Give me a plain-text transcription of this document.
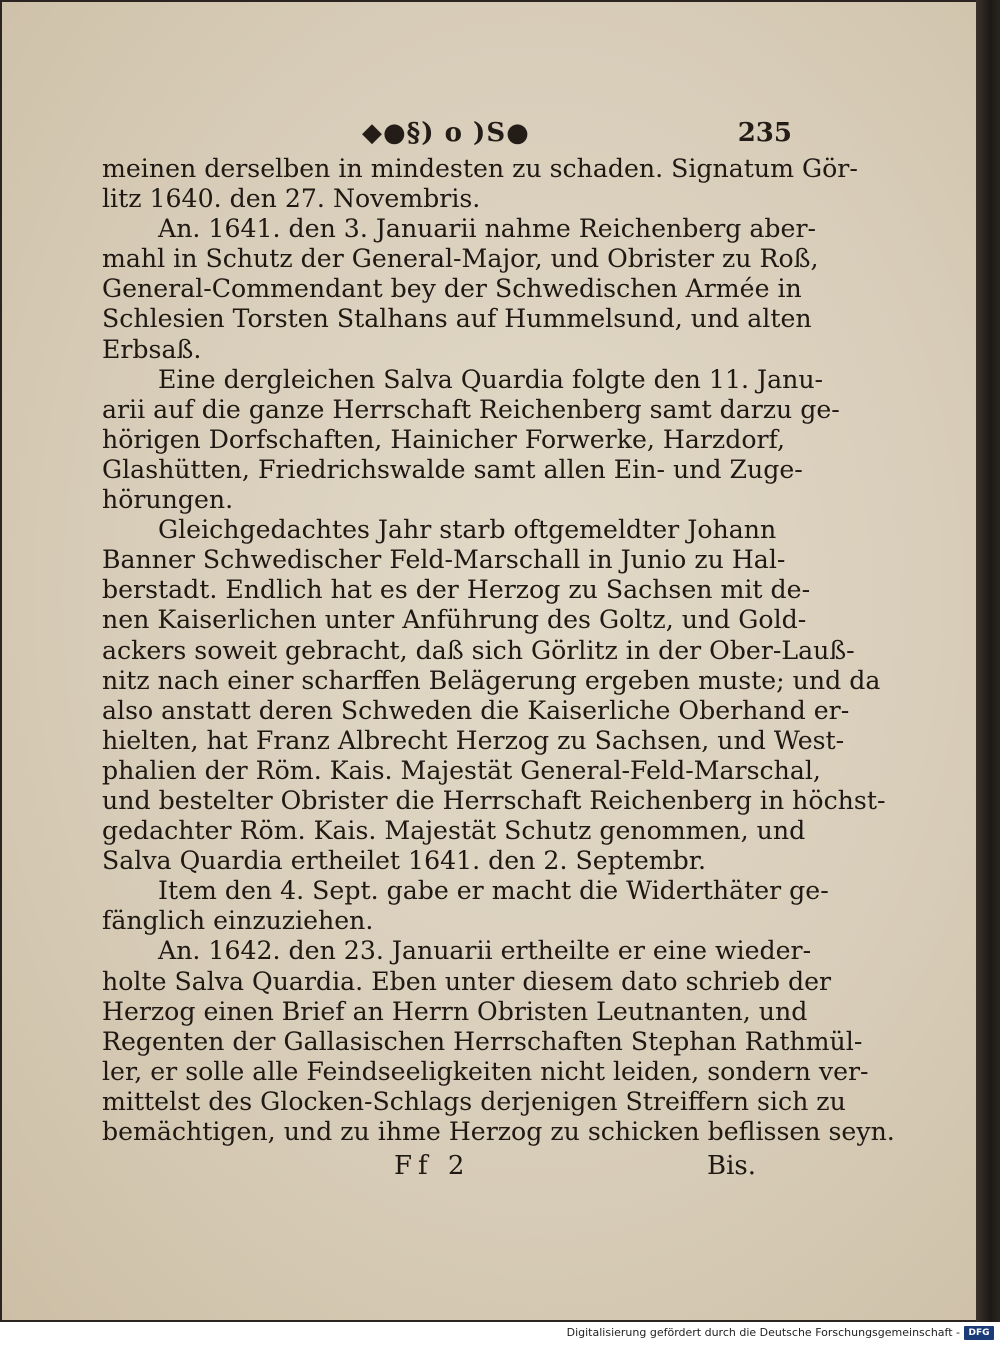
◆●§) o )S●	235
meinen derselben in mindesten zu schaden. Signatum Gör-
litz 1640. den 27. Novembris.
An. 1641. den 3. Januarii nahme Reichenberg aber-
mahl in Schutz der General-Major, und Obrister zu Roß,
General-Commendant bey der Schwedischen Armée in
Schlesien Torsten Stalhans auf Hummelsund, und alten
Erbsaß.
Eine dergleichen Salva Quardia folgte den 11. Janu-
arii auf die ganze Herrschaft Reichenberg samt darzu ge-
hörigen Dorfschaften, Hainicher Forwerke, Harzdorf,
Glashütten, Friedrichswalde samt allen Ein- und Zuge-
hörungen.
Gleichgedachtes Jahr starb oftgemeldter Johann
Banner Schwedischer Feld-Marschall in Junio zu Hal-
berstadt. Endlich hat es der Herzog zu Sachsen mit de-
nen Kaiserlichen unter Anführung des Goltz, und Gold-
ackers soweit gebracht, daß sich Görlitz in der Ober-Lauß-
nitz nach einer scharffen Belägerung ergeben muste; und da
also anstatt deren Schweden die Kaiserliche Oberhand er-
hielten, hat Franz Albrecht Herzog zu Sachsen, und West-
phalien der Röm. Kais. Majestät General-Feld-Marschal,
und bestelter Obrister die Herrschaft Reichenberg in höchst-
gedachter Röm. Kais. Majestät Schutz genommen, und
Salva Quardia ertheilet 1641. den 2. Septembr.
Item den 4. Sept. gabe er macht die Widerthäter ge-
fänglich einzuziehen.
An. 1642. den 23. Januarii ertheilte er eine wieder-
holte Salva Quardia. Eben unter diesem dato schrieb der
Herzog einen Brief an Herrn Obristen Leutnanten, und
Regenten der Gallasischen Herrschaften Stephan Rathmül-
ler, er solle alle Feindseeligkeiten nicht leiden, sondern ver-
mittelst des Glocken-Schlags derjenigen Streiffern sich zu
bemächtigen, und zu ihme Herzog zu schicken beflissen seyn.
Ff 2	Bis.
Digitalisierung gefördert durch die Deutsche Forschungsgemeinschaft - DFG
